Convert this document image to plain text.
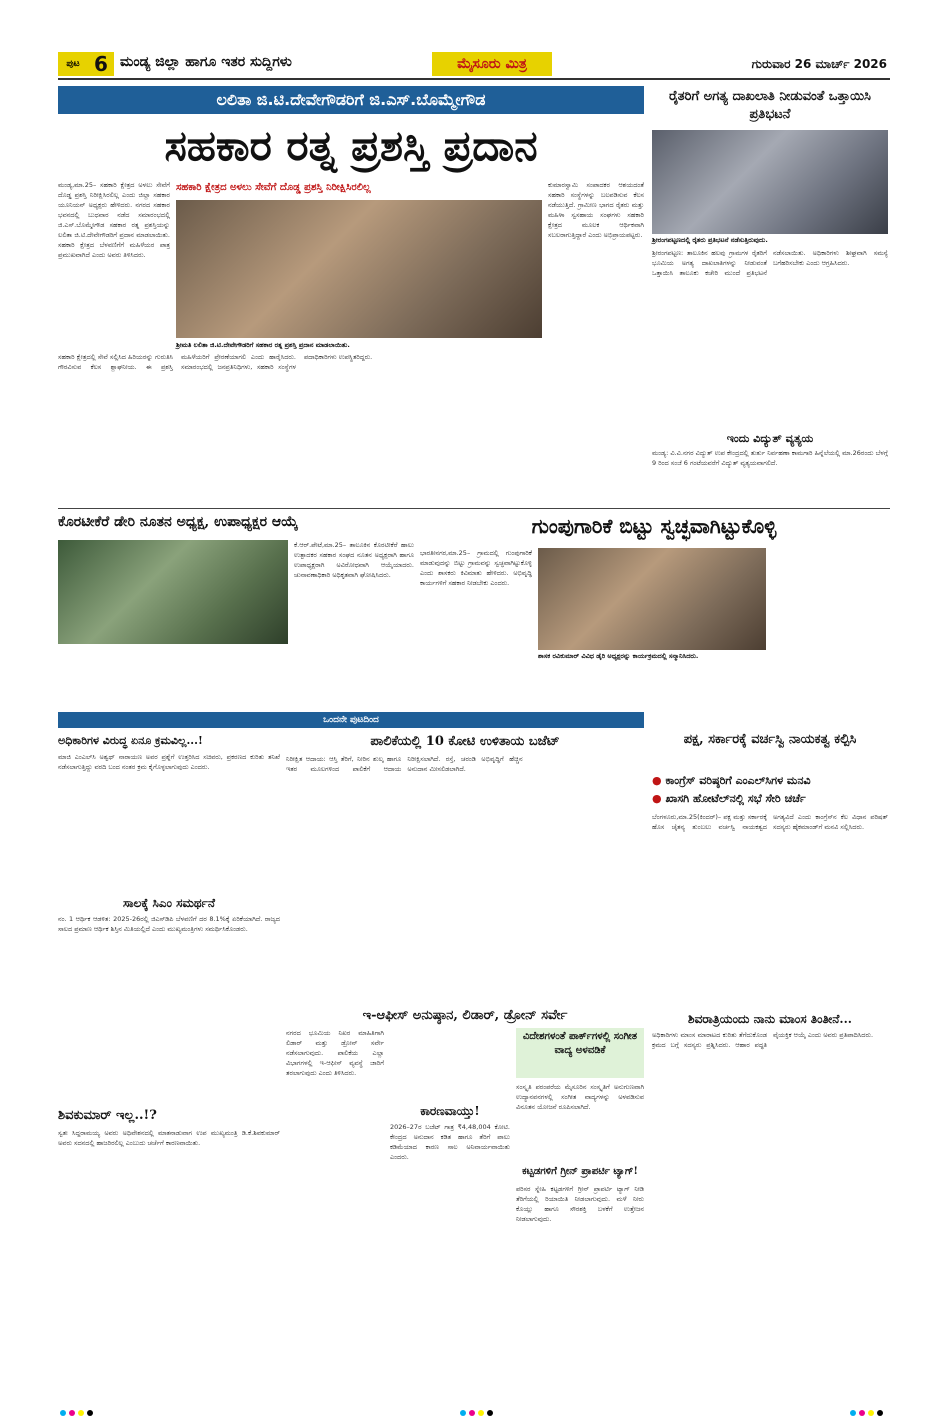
ಪುಟ 6 ಮಂಡ್ಯ ಜಿಲ್ಲಾ ಹಾಗೂ ಇತರ ಸುದ್ದಿಗಳು	ಮೈಸೂರು ಮಿತ್ರ	ಗುರುವಾರ 26 ಮಾರ್ಚ್ 2026
ಲಲಿತಾ ಜಿ.ಟಿ.ದೇವೇಗೌಡರಿಗೆ ಜಿ.ಎಸ್.ಬೊಮ್ಮೇಗೌಡ
ಸಹಕಾರ ರತ್ನ ಪ್ರಶಸ್ತಿ ಪ್ರದಾನ
ಮಂಡ್ಯ,ಮಾ.25– ಸಹಕಾರಿ ಕ್ಷೇತ್ರದ ಅಳಲು ಸೇವೆಗೆ ದೊಡ್ಡ ಪ್ರಶಸ್ತಿ ನಿರೀಕ್ಷಿಸಿರಲಿಲ್ಲ ಎಂದು ಜಿಲ್ಲಾ ಸಹಕಾರ ಯೂನಿಯನ್ ಅಧ್ಯಕ್ಷರು ಹೇಳಿದರು. ನಗರದ ಸಹಕಾರ ಭವನದಲ್ಲಿ ಬುಧವಾರ ನಡೆದ ಸಮಾರಂಭದಲ್ಲಿ ಜಿ.ಎಸ್.ಬೊಮ್ಮೇಗೌಡ ಸಹಕಾರ ರತ್ನ ಪ್ರಶಸ್ತಿಯನ್ನು ಲಲಿತಾ ಜಿ.ಟಿ.ದೇವೇಗೌಡರಿಗೆ ಪ್ರದಾನ ಮಾಡಲಾಯಿತು. ಸಹಕಾರಿ ಕ್ಷೇತ್ರದ ಬೆಳವಣಿಗೆಗೆ ಮಹಿಳೆಯರ ಪಾತ್ರ ಪ್ರಮುಖವಾಗಿದೆ ಎಂದು ಅವರು ತಿಳಿಸಿದರು.
ಸಹಕಾರಿ ಕ್ಷೇತ್ರದ ಅಳಲು ಸೇವೆಗೆ ದೊಡ್ಡ ಪ್ರಶಸ್ತಿ ನಿರೀಕ್ಷಿಸಿರಲಿಲ್ಲ
ಶ್ರೀಮತಿ ಲಲಿತಾ ಜಿ.ಟಿ.ದೇವೇಗೌಡರಿಗೆ ಸಹಕಾರ ರತ್ನ ಪ್ರಶಸ್ತಿ ಪ್ರದಾನ ಮಾಡಲಾಯಿತು.
ಕುಮಾರಸ್ವಾಮಿ ಸಂಪಾದಕರ ಆಶಯದಂತೆ ಸಹಕಾರಿ ಸಂಸ್ಥೆಗಳನ್ನು ಬಲಪಡಿಸುವ ಕೆಲಸ ನಡೆಯುತ್ತಿದೆ. ಗ್ರಾಮೀಣ ಭಾಗದ ರೈತರು ಮತ್ತು ಮಹಿಳಾ ಸ್ವಸಹಾಯ ಸಂಘಗಳು ಸಹಕಾರಿ ಕ್ಷೇತ್ರದ ಮೂಲಕ ಆರ್ಥಿಕವಾಗಿ ಸಬಲರಾಗುತ್ತಿದ್ದಾರೆ ಎಂದು ಅಭಿಪ್ರಾಯಪಟ್ಟರು.
ಸಹಕಾರಿ ಕ್ಷೇತ್ರದಲ್ಲಿ ಸೇವೆ ಸಲ್ಲಿಸಿದ ಹಿರಿಯರನ್ನು ಗುರುತಿಸಿ ಗೌರವಿಸುವ ಕೆಲಸ ಶ್ಲಾಘನೀಯ. ಈ ಪ್ರಶಸ್ತಿ ಮಹಿಳೆಯರಿಗೆ ಪ್ರೇರಣೆಯಾಗಲಿ ಎಂದು ಹಾರೈಸಿದರು. ಸಮಾರಂಭದಲ್ಲಿ ಜನಪ್ರತಿನಿಧಿಗಳು, ಸಹಕಾರಿ ಸಂಸ್ಥೆಗಳ ಪದಾಧಿಕಾರಿಗಳು ಉಪಸ್ಥಿತರಿದ್ದರು.
ರೈತರಿಗೆ ಅಗತ್ಯ ದಾಖಲಾತಿ ನೀಡುವಂತೆ ಒತ್ತಾಯಿಸಿ ಪ್ರತಿಭಟನೆ
ಶ್ರೀರಂಗಪಟ್ಟಣದಲ್ಲಿ ರೈತರು ಪ್ರತಿಭಟನೆ ನಡೆಸುತ್ತಿರುವುದು.
ಶ್ರೀರಂಗಪಟ್ಟಣ: ತಾಲೂಕಿನ ಹಲವು ಗ್ರಾಮಗಳ ರೈತರಿಗೆ ಭೂಮಿಯ ಅಗತ್ಯ ದಾಖಲಾತಿಗಳನ್ನು ನೀಡುವಂತೆ ಒತ್ತಾಯಿಸಿ ತಾಲೂಕು ಕಚೇರಿ ಮುಂದೆ ಪ್ರತಿಭಟನೆ ನಡೆಸಲಾಯಿತು. ಅಧಿಕಾರಿಗಳು ಶೀಘ್ರವಾಗಿ ಸಮಸ್ಯೆ ಬಗೆಹರಿಸಬೇಕು ಎಂದು ಆಗ್ರಹಿಸಿದರು.
ಇಂದು ವಿದ್ಯುತ್ ವ್ಯತ್ಯಯ
ಮಂಡ್ಯ: ವಿ.ವಿ.ನಗರ ವಿದ್ಯುತ್ ಉಪ ಕೇಂದ್ರದಲ್ಲಿ ತುರ್ತು ನಿರ್ವಹಣಾ ಕಾಮಗಾರಿ ಹಿನ್ನೆಲೆಯಲ್ಲಿ ಮಾ.26ರಂದು ಬೆಳಗ್ಗೆ 9 ರಿಂದ ಸಂಜೆ 6 ಗಂಟೆಯವರೆಗೆ ವಿದ್ಯುತ್ ವ್ಯತ್ಯಯವಾಗಲಿದೆ.
ಕೊರಟೀಕೆರೆ ಡೇರಿ ನೂತನ ಅಧ್ಯಕ್ಷ, ಉಪಾಧ್ಯಕ್ಷರ ಆಯ್ಕೆ
ಕೆ.ಆರ್.ಪೇಟೆ,ಮಾ.25– ತಾಲೂಕಿನ ಕೊರಟೀಕೆರೆ ಹಾಲು ಉತ್ಪಾದಕರ ಸಹಕಾರ ಸಂಘದ ನೂತನ ಅಧ್ಯಕ್ಷರಾಗಿ ಹಾಗೂ ಉಪಾಧ್ಯಕ್ಷರಾಗಿ ಅವಿರೋಧವಾಗಿ ಆಯ್ಕೆಯಾದರು. ಚುನಾವಣಾಧಿಕಾರಿ ಅಧಿಕೃತವಾಗಿ ಘೋಷಿಸಿದರು.
ಗುಂಪುಗಾರಿಕೆ ಬಿಟ್ಟು ಸ್ವಚ್ಛವಾಗಿಟ್ಟುಕೊಳ್ಳಿ
ಭಾರತೀನಗರ,ಮಾ.25– ಗ್ರಾಮದಲ್ಲಿ ಗುಂಪುಗಾರಿಕೆ ಮಾಡುವುದನ್ನು ಬಿಟ್ಟು ಗ್ರಾಮವನ್ನು ಸ್ವಚ್ಛವಾಗಿಟ್ಟುಕೊಳ್ಳಿ ಎಂದು ಶಾಸಕರು ಕಿವಿಮಾತು ಹೇಳಿದರು. ಅಭಿವೃದ್ಧಿ ಕಾರ್ಯಗಳಿಗೆ ಸಹಕಾರ ನೀಡಬೇಕು ಎಂದರು.
ಶಾಸಕ ರವಿಕುಮಾರ್ ವಿವಿಧ ಡೈರಿ ಅಧ್ಯಕ್ಷರನ್ನು ಕಾರ್ಯಕ್ರಮದಲ್ಲಿ ಸನ್ಮಾನಿಸಿದರು.
ಒಂದನೇ ಪುಟದಿಂದ
ಅಧಿಕಾರಿಗಳ ವಿರುದ್ಧ ಏನೂ ಕ್ರಮವಿಲ್ಲ...!
ಮಾಜಿ ಎಂಎಲ್‌ಸಿ ಅಶ್ವಥ್ ನಾರಾಯಣ ಅವರ ಪ್ರಶ್ನೆಗೆ ಉತ್ತರಿಸಿದ ಸಚಿವರು, ಪ್ರಕರಣದ ಕುರಿತು ತನಿಖೆ ನಡೆಸಲಾಗುತ್ತಿದ್ದು ವರದಿ ಬಂದ ನಂತರ ಕ್ರಮ ಕೈಗೊಳ್ಳಲಾಗುವುದು ಎಂದರು.
ಸಾಲಕ್ಕೆ ಸಿಎಂ ಸಮರ್ಥನೆ
ನಂ. 1 ಆರ್ಥಿಕ ಆಡಳಿತ: 2025-26ರಲ್ಲಿ ಜಿಎಸ್‌ಡಿಪಿ ಬೆಳವಣಿಗೆ ದರ 8.1%ಕ್ಕೆ ಏರಿಕೆಯಾಗಿದೆ. ರಾಜ್ಯದ ಸಾಲದ ಪ್ರಮಾಣ ಆರ್ಥಿಕ ಶಿಸ್ತಿನ ಮಿತಿಯಲ್ಲಿದೆ ಎಂದು ಮುಖ್ಯಮಂತ್ರಿಗಳು ಸಮರ್ಥಿಸಿಕೊಂಡರು.
ಶಿವಕುಮಾರ್ ಇಲ್ಲ..!?
ಸ್ವತಃ ಸಿದ್ದರಾಮಯ್ಯ ಅವರು ಅಧಿವೇಶನದಲ್ಲಿ ಮಾತನಾಡುವಾಗ ಉಪ ಮುಖ್ಯಮಂತ್ರಿ ಡಿ.ಕೆ.ಶಿವಕುಮಾರ್ ಅವರು ಸದನದಲ್ಲಿ ಹಾಜರಿರಲಿಲ್ಲ ಎಂಬುದು ಚರ್ಚೆಗೆ ಕಾರಣವಾಯಿತು.
ಪಾಲಿಕೆಯಲ್ಲಿ 10 ಕೋಟಿ ಉಳಿತಾಯ ಬಜೆಟ್
ನಿರೀಕ್ಷಿತ ಆದಾಯ: ಆಸ್ತಿ ತೆರಿಗೆ, ನೀರಿನ ಶುಲ್ಕ ಹಾಗೂ ಇತರ ಮೂಲಗಳಿಂದ ಪಾಲಿಕೆಗೆ ಆದಾಯ ನಿರೀಕ್ಷಿಸಲಾಗಿದೆ. ರಸ್ತೆ, ಚರಂಡಿ ಅಭಿವೃದ್ಧಿಗೆ ಹೆಚ್ಚಿನ ಅನುದಾನ ಮೀಸಲಿಡಲಾಗಿದೆ.
ಕಾರಣವಾಯ್ತು!
2026–27ರ ಬಜೆಟ್ ಗಾತ್ರ ₹4,48,004 ಕೋಟಿ. ಕೇಂದ್ರದ ಅನುದಾನ ಕಡಿತ ಹಾಗೂ ತೆರಿಗೆ ಪಾಲು ಕಡಿಮೆಯಾದ ಕಾರಣ ಸಾಲ ಅನಿವಾರ್ಯವಾಯಿತು ಎಂದರು.
ಇ-ಆಫೀಸ್ ಅನುಷ್ಠಾನ, ಲಿಡಾರ್, ಡ್ರೋನ್ ಸರ್ವೇ
ನಗರದ ಭೂಮಿಯ ನಿಖರ ಮಾಹಿತಿಗಾಗಿ ಲಿಡಾರ್ ಮತ್ತು ಡ್ರೋನ್ ಸರ್ವೇ ನಡೆಸಲಾಗುವುದು. ಪಾಲಿಕೆಯ ಎಲ್ಲಾ ವಿಭಾಗಗಳಲ್ಲಿ ಇ-ಆಫೀಸ್ ವ್ಯವಸ್ಥೆ ಜಾರಿಗೆ ತರಲಾಗುವುದು ಎಂದು ತಿಳಿಸಿದರು.
ವಿದೇಶಗಳಂತೆ ಪಾರ್ಕ್‌ಗಳಲ್ಲಿ ಸಂಗೀತ ವಾದ್ಯ ಅಳವಡಿಕೆ
ಸಂಸ್ಕೃತಿ ಪರಂಪರೆಯ ಮೈಸೂರಿನ ಸಂಸ್ಕೃತಿಗೆ ಅನುಗುಣವಾಗಿ ಉದ್ಯಾನವನಗಳಲ್ಲಿ ಸಂಗೀತ ವಾದ್ಯಗಳನ್ನು ಅಳವಡಿಸುವ ವಿನೂತನ ಯೋಜನೆ ರೂಪಿಸಲಾಗಿದೆ.
ಕಟ್ಟಡಗಳಿಗೆ ಗ್ರೀನ್ ಪ್ರಾಪರ್ಟಿ ಟ್ಯಾಗ್!
ಪರಿಸರ ಸ್ನೇಹಿ ಕಟ್ಟಡಗಳಿಗೆ ಗ್ರೀನ್ ಪ್ರಾಪರ್ಟಿ ಟ್ಯಾಗ್ ನೀಡಿ ತೆರಿಗೆಯಲ್ಲಿ ರಿಯಾಯಿತಿ ನೀಡಲಾಗುವುದು. ಮಳೆ ನೀರು ಕೊಯ್ಲು ಹಾಗೂ ಸೌರಶಕ್ತಿ ಬಳಕೆಗೆ ಉತ್ತೇಜನ ನೀಡಲಾಗುವುದು.
ಪಕ್ಷ, ಸರ್ಕಾರಕ್ಕೆ ವರ್ಚಸ್ವಿ ನಾಯಕತ್ವ ಕಲ್ಪಿಸಿ
● ಕಾಂಗ್ರೆಸ್ ವರಿಷ್ಠರಿಗೆ ಎಂಎಲ್‌ಸಿಗಳ ಮನವಿ
● ಖಾಸಗಿ ಹೋಟೆಲ್‌ನಲ್ಲಿ ಸಭೆ ಸೇರಿ ಚರ್ಚೆ
ಬೆಂಗಳೂರು,ಮಾ.25(ಕಿಂದರ್)– ಪಕ್ಷ ಮತ್ತು ಸರ್ಕಾರಕ್ಕೆ ಹೊಸ ಚೈತನ್ಯ ತುಂಬಲು ವರ್ಚಸ್ವಿ ನಾಯಕತ್ವದ ಅಗತ್ಯವಿದೆ ಎಂದು ಕಾಂಗ್ರೆಸ್‌ನ ಕೆಲ ವಿಧಾನ ಪರಿಷತ್ ಸದಸ್ಯರು ಹೈಕಮಾಂಡ್‌ಗೆ ಮನವಿ ಸಲ್ಲಿಸಿದರು.
ಶಿವರಾತ್ರಿಯಂದು ನಾನು ಮಾಂಸ ತಿಂತೀನೆ...
ಅಧಿಕಾರಿಗಳು ಮಾಂಸ ಮಾರಾಟದ ಕುರಿತು ತೆಗೆದುಕೊಂಡ ಕ್ರಮದ ಬಗ್ಗೆ ಸದಸ್ಯರು ಪ್ರಶ್ನಿಸಿದರು. ಆಹಾರ ಪದ್ಧತಿ ವೈಯಕ್ತಿಕ ಆಯ್ಕೆ ಎಂದು ಅವರು ಪ್ರತಿಪಾದಿಸಿದರು.
